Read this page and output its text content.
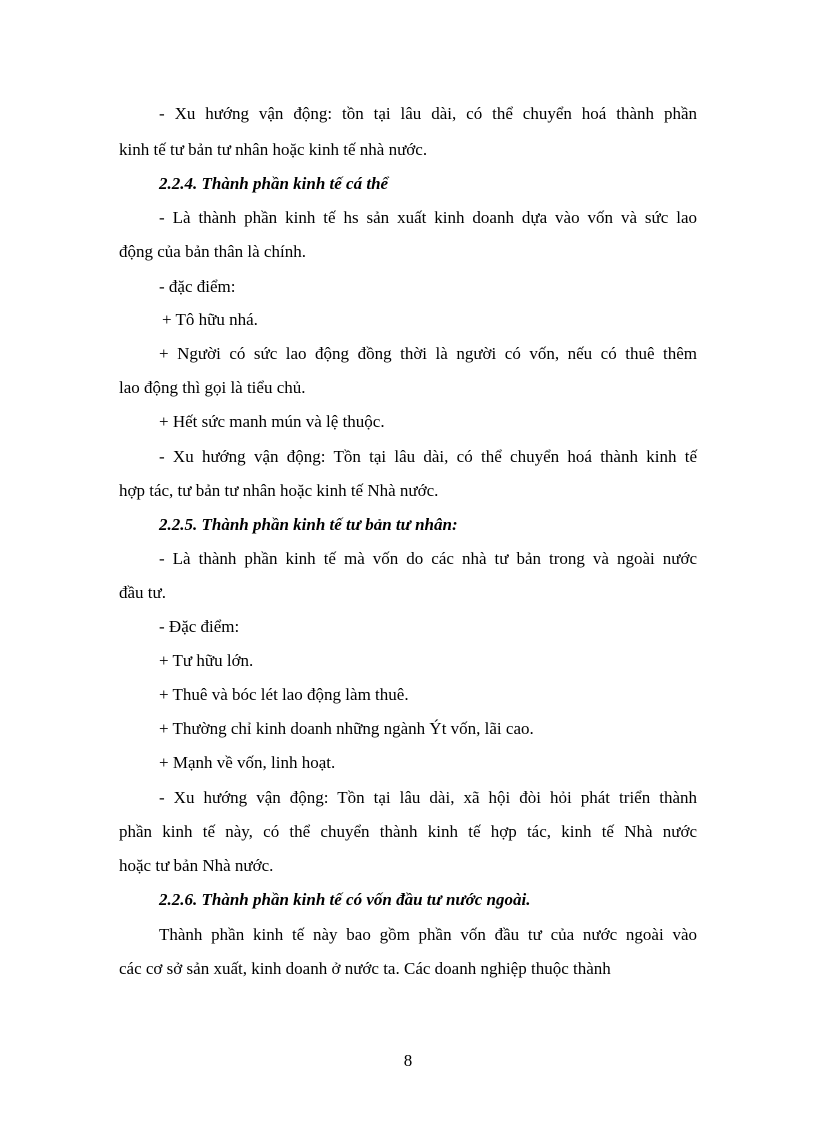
- Xu hướng vận động: tồn tại lâu dài, có thể chuyển hoá thành phần
kinh tế tư bản tư nhân hoặc kinh tế nhà nước.
2.2.4. Thành phần kinh tế cá thể
- Là thành phần kinh tế hs sản xuất kinh doanh dựa vào vốn và sức lao
động của bản thân là chính.
- đặc điểm:
+ Tô hữu nhá.
+ Người có sức lao động đồng thời là người có vốn, nếu có thuê thêm
lao động thì gọi là tiểu chủ.
+ Hết sức manh mún và lệ thuộc.
- Xu hướng vận động: Tồn tại lâu dài, có thể chuyển hoá thành kinh tế
hợp tác, tư bản tư nhân hoặc kinh tế Nhà nước.
2.2.5. Thành phần kinh tế tư bản tư nhân:
- Là thành phần kinh tế mà vốn do các nhà tư bản trong và ngoài nước
đầu tư.
- Đặc điểm:
+ Tư hữu lớn.
+ Thuê và bóc lét lao động làm thuê.
+ Thường chỉ kinh doanh những ngành Ýt vốn, lãi cao.
+ Mạnh về vốn, linh hoạt.
- Xu hướng vận động: Tồn tại lâu dài, xã hội đòi hỏi phát triển thành
phần kinh tế này, có thể chuyển thành kinh tế hợp tác, kinh tế Nhà nước
hoặc tư bản Nhà nước.
2.2.6. Thành phần kinh tế có vốn đầu tư nước ngoài.
Thành phần kinh tế này bao gồm phần vốn đầu tư của nước ngoài vào
các cơ sở sản xuất, kinh doanh ở nước ta. Các doanh nghiệp thuộc thành
8
